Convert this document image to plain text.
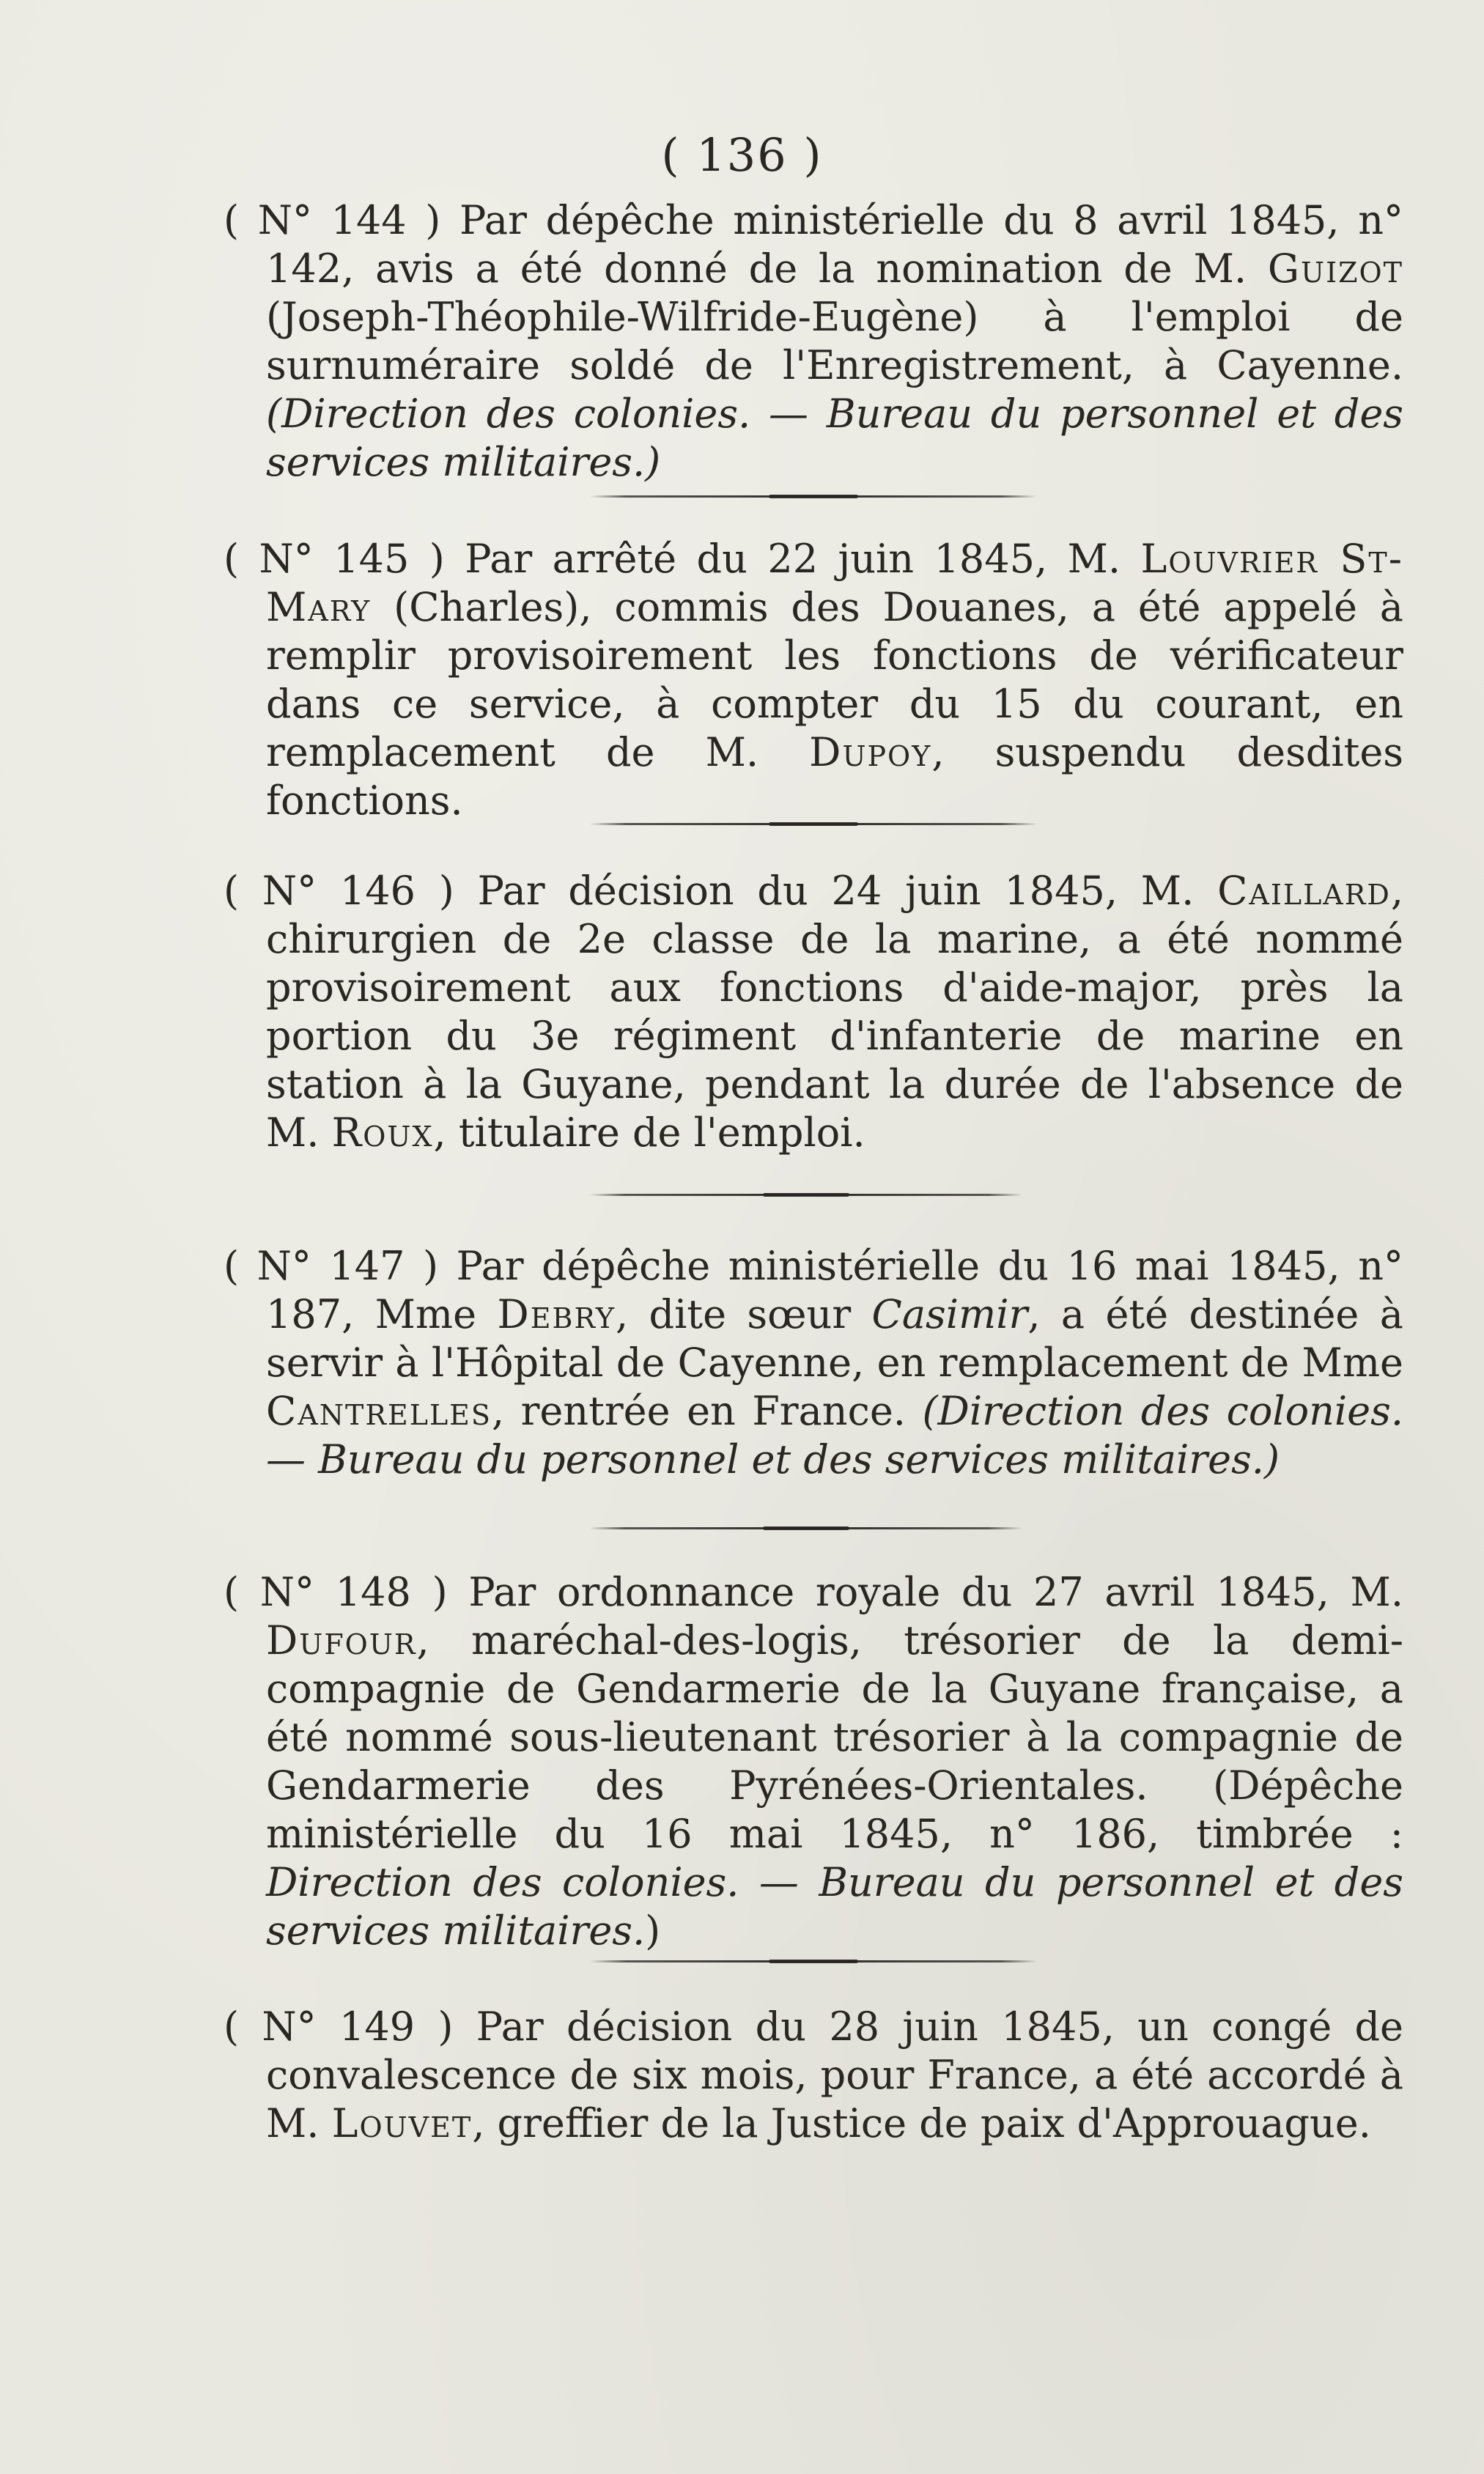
( 136 )

( N° 144 ) Par dépêche ministérielle du 8 avril 1845, n° 142, avis a été donné de la nomination de M. Guizot (Joseph-Théophile-Wilfride-Eugène) à l'emploi de surnuméraire soldé de l'Enregistrement, à Cayenne. (Direction des colonies. — Bureau du personnel et des services militaires.)

( N° 145 ) Par arrêté du 22 juin 1845, M. Louvrier St-Mary (Charles), commis des Douanes, a été appelé à remplir provisoirement les fonctions de vérificateur dans ce service, à compter du 15 du courant, en remplacement de M. Dupoy, suspendu desdites fonctions.

( N° 146 ) Par décision du 24 juin 1845, M. Caillard, chirurgien de 2e classe de la marine, a été nommé provisoirement aux fonctions d'aide-major, près la portion du 3e régiment d'infanterie de marine en station à la Guyane, pendant la durée de l'absence de M. Roux, titulaire de l'emploi.

( N° 147 ) Par dépêche ministérielle du 16 mai 1845, n° 187, Mme Debry, dite sœur Casimir, a été destinée à servir à l'Hôpital de Cayenne, en remplacement de Mme Cantrelles, rentrée en France. (Direction des colonies. — Bureau du personnel et des services militaires.)

( N° 148 ) Par ordonnance royale du 27 avril 1845, M. Dufour, maréchal-des-logis, trésorier de la demi-compagnie de Gendarmerie de la Guyane française, a été nommé sous-lieutenant trésorier à la compagnie de Gendarmerie des Pyrénées-Orientales. (Dépêche ministérielle du 16 mai 1845, n° 186, timbrée : Direction des colonies. — Bureau du personnel et des services militaires.)

( N° 149 ) Par décision du 28 juin 1845, un congé de convalescence de six mois, pour France, a été accordé à M. Louvet, greffier de la Justice de paix d'Approuague.
